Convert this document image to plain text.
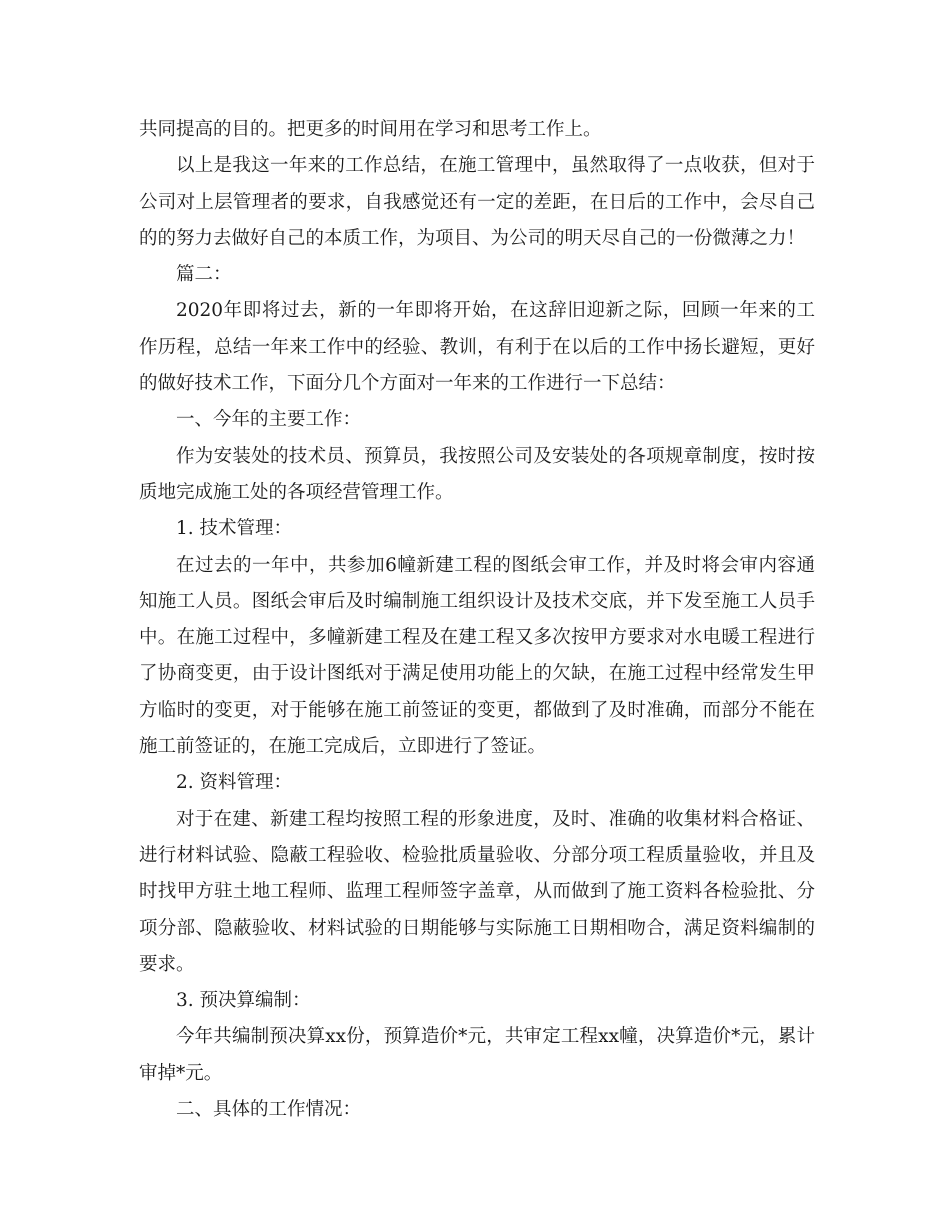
共同提高的目的。把更多的时间用在学习和思考工作上。

以上是我这一年来的工作总结，在施工管理中，虽然取得了一点收获，但对于公司对上层管理者的要求，自我感觉还有一定的差距，在日后的工作中，会尽自己的的努力去做好自己的本质工作，为项目、为公司的明天尽自己的一份微薄之力！

篇二：

2020年即将过去，新的一年即将开始，在这辞旧迎新之际，回顾一年来的工作历程，总结一年来工作中的经验、教训，有利于在以后的工作中扬长避短，更好的做好技术工作，下面分几个方面对一年来的工作进行一下总结：

一、今年的主要工作：

作为安装处的技术员、预算员，我按照公司及安装处的各项规章制度，按时按质地完成施工处的各项经营管理工作。

1. 技术管理：

在过去的一年中，共参加6幢新建工程的图纸会审工作，并及时将会审内容通知施工人员。图纸会审后及时编制施工组织设计及技术交底，并下发至施工人员手中。在施工过程中，多幢新建工程及在建工程又多次按甲方要求对水电暖工程进行了协商变更，由于设计图纸对于满足使用功能上的欠缺，在施工过程中经常发生甲方临时的变更，对于能够在施工前签证的变更，都做到了及时准确，而部分不能在施工前签证的，在施工完成后，立即进行了签证。

2. 资料管理：

对于在建、新建工程均按照工程的形象进度，及时、准确的收集材料合格证、进行材料试验、隐蔽工程验收、检验批质量验收、分部分项工程质量验收，并且及时找甲方驻土地工程师、监理工程师签字盖章，从而做到了施工资料各检验批、分项分部、隐蔽验收、材料试验的日期能够与实际施工日期相吻合，满足资料编制的要求。

3. 预决算编制：

今年共编制预决算xx份，预算造价*元，共审定工程xx幢，决算造价*元，累计审掉*元。

二、具体的工作情况：
